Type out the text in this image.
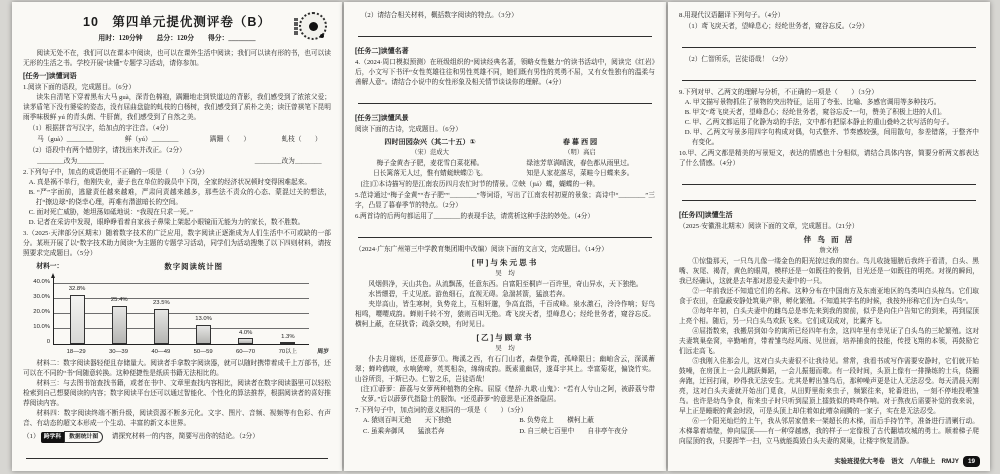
10　第四单元提优测评卷（B）
用时：120分钟 总分：120分 得分：________
阅读无处不在，我们可以在课本中阅读，也可以在课外生活中阅读；我们可以读有形的书，也可以读无形的生活之书。学校开展“读懂”专题学习活动，请你参加。
[任务一]读懂词语
1.阅读下面的语段，完成题目。（6分）
读朱自清笔下穿着黑布大马 guà，深青色棉袍，蹒跚地走到铁道边的背影，我们感受到了浓浓父爱；读茅盾笔下没有婆娑的姿态，没有屈曲盘旋的虬枝的白杨树，我们感受到了质朴之美；读汪曾祺笔下昆明雨季味极鲜 yú 的青头菌、牛肝菌，我们感受到了自然之美。
（1）根据拼音写汉字，给加点的字注音。（4分）
马（guà）________	鲜（yú）________	蹒跚（　　）	虬枝（　　）
（2）语段中有两个错别字，请找出来并改正。（2分）
________改为________	________改为________
2.下列句子中，加点的成语使用不正确的一项是（　　）（3分）
A. 真是祸不单行，他刚失业，妻子也在单位的裁员中下岗，全家的经济状况顿时变得困难起来。
B. “严”字面前，逃避责任越来越难，严肃问责越来越多，那些法不责众的心态、蒙混过关的想法，打“擦边球”的侥幸心理，再难有潜滋暗长的空间。
C. 面对死亡威胁，她坦荡如砥地说：“我现在只求一死。”
D. 记者在采访中发现，眼睁睁看着自家孩子鼻梁上架起小眼镜而无能为力的家长，数不胜数。
3.（2025·天津部分区期末）随着数字技术的广泛应用，数字阅读正逐渐成为人们生活中不可或缺的一部分。某班开展了以“数字技术助力阅读”为主题的专题学习活动，同学们为活动搜集了以下四则材料，请按照要求完成题目。（5分）
材料一：	数字阅读统计图
0
10.0%
20.0%
30.0%
40.0%
32.8%
25.4%	23.5%
13.0%
4.0%
1.3%
18—29	30—39	40—49	50—59	60—70	70以上	周岁
材料二：数字阅读器轻便且存储量大。阅读者手拿数字阅读器，就可以随时携带着成千上万部书，还可以在不同的“书”间随意转换。这种便捷性是纸质书籍无法相比的。
材料三：与去图书馆查找书籍，或者在书中、文章里查找内容相比，阅读者在数字阅读器里可以轻松检索到自己想要阅读的内容；数字阅读平台还可以通过智能化、个性化的算法推荐，根据阅读者的喜好推荐阅读内容。
材料四：数字阅读终端不断升级，阅读资源不断多元化。文字、图片、音频、视频等有色彩、有声音、有动态的超文本形成一个生动、丰富的新文本世界。
（1） 跨学科	数据统计图	　请探究材料一的内容，简要写出你的结论。（2分）
（2）请结合相关材料，概括数字阅读的特点。（3分）
[任务二]读懂名著
4.（2024·周口模拟预测）在班级组织的“阅读经典名著，领略女性魅力”的读书活动中，阅读完《红岩》后，小文写下书评“女性英雄往往和男性英雄不同，她们既有男性的英勇不屈，又有女性独有的温柔与善解人意”。请结合小说中的女性形象及相关情节谈谈你的理解。（4分）
[任务三]读懂风景
阅读下面的古诗，完成题目。（6分）
四时田园杂兴（其二十五）①
（宋）范成大
梅子金黄杏子肥，麦花雪白菜花稀。
日长篱落无人过，惟有蜻蜓蛱蝶②飞。
春 暮 西 园
（明）高启
绿池芳草满晴波，春色都从雨里过。
知是人家花落尽，菜畦今日蝶来多。
[注]①本诗描写的是江南农历四月农忙时节的情景。②蛱（jiá）蝶，蝴蝶的一种。
5.范诗通过“梅子金黄”“杏子肥”“________”等词语，写出了江南农村初夏的景象；高诗中“________”三字，凸显了暮春季节的特点。（2分）
6.两首诗的后两句都运用了________的表现手法，请赏析这种手法的妙处。（4分）
（2024·广东广州第三中学教育集团期中改编）阅读下面的文言文，完成题目。（14分）
[甲]与朱元思书
吴　均
风烟俱净，天山共色。从流飘荡，任意东西。自富阳至桐庐一百许里，奇山异水，天下独绝。
水皆缥碧，千丈见底。游鱼细石，直视无碍。急湍甚箭，猛浪若奔。
夹岸高山，皆生寒树，负势竞上，互相轩邈，争高直指，千百成峰。泉水激石，泠泠作响；好鸟相鸣，嘤嘤成韵。蝉则千转不穷，猿则百叫无绝。鸢飞戾天者，望峰息心；经纶世务者，窥谷忘反。横柯上蔽，在昼犹昏；疏条交映，有时见日。
[乙]与顾章书
吴　均
仆去月谢病，还觅薜萝①。梅溪之西，有石门山者，森壁争霞，孤峰限日；幽岫含云，深溪蓄翠；蝉吟鹤唳，水响猿啼，英英相杂，绵绵成韵。既素重幽居，遂葺宇其上。幸富菊花，偏饶竹实。山谷所资，于斯已办。仁智之乐，岂徒语哉！
[注]①薜萝：薜荔与女萝两种植物的全称。屈原《楚辞·九歌·山鬼》：“若有人兮山之阿，被薜荔兮带女萝。”后以薜萝代指隐士的服饰。“还觅薜萝”的意思是正准备隐居。
7.下列句子中，加点词的意义相同的一项是（　　）（3分）
A. 猿则百叫无绝　　天下独绝	B. 负势竞上　　横柯上蔽
C. 虽乘奔御风　　猛浪若奔	D. 自三峡七百里中　　自非亭午夜分
8.用现代汉语翻译下列句子。（4分）
（1）鸢飞戾天者，望峰息心；经纶世务者，窥谷忘反。（2分）
（2）仁智所乐，岂徒语哉！（2分）
9.下列对甲、乙两文的理解与分析，不正确的一项是（　　）（3分）
A. 甲文描写景物抓住了景物的突出特征，运用了夸张、比喻、多感官调用等多种技巧。
B. 甲文“鸢飞戾天者，望峰息心；经纶世务者，窥谷忘反”一句，赞美了积极上进的人们。
C. 甲、乙两文都运用了化静为动的手法，文中都有把原本静止的重山叠岭之状写活的句子。
D. 甲、乙两文写景多用四字句构成对偶，句式整齐、节奏感较强，间用散句，参差错落，于整齐中有变化。
10.甲、乙两文都是精美的写景短文，表达的情感也十分相似，请结合具体内容，简要分析两文都表达了什么情感。（4分）
[任务四]读懂生活
（2025·安徽淮北期末）阅读下面的文章，完成题目。（21分）
伴 鸟 而 居
詹文格
①惊蛰那天，一只鸟儿像一缕金色的阳光掠过我的窗台。鸟儿收拢翅膀后我终于看清，白头、黑嘴、灰尾、褐背，黄色的眼周，模样还是一如既往的俊俏，目光还是一如既往的明亮。对视的瞬间，我已经确认，这就是去年那对恩爱夫妻中的一只。
②一年前我还不知道它们的名称。这种分布在中国南方及东南亚地区的鸟类叫白头椋鸟。它们取食于农田，在隐蔽安静处筑巢产卵，孵化繁殖。不知道其学名的时候，我按外形称它们为“白头鸟”。
③每年年初，白头夫妻中的雌鸟总是率先来到我的窗前，似乎是向住户告知它的到来，再到屋顶上亮个相。随后，另一只白头鸟欢跃飞来。它们成双成对，比翼齐飞。
④屈指数来，我搬居到如今的寓所已经四年有余，这四年里有幸见证了白头鸟的三轮繁殖。这对夫妻筑巢垒窝，辛勤哺育，带着雏鸟经风雨、见世面，培养捕食的技能，传授飞翔的本领，再鼓励它们远走高飞。
⑤我刚入住那会儿，这对白头夫妻很不让我待见。常常，我看书或写作需要安静时，它们就开始鼓噪，在房顶上一会儿跳跃舞蹈，一会儿振翅而歌。有一段时间，头顶上像有一排操练的士兵，绕圈奔跑，迂回打闹，吵得我无法安生。尤其是孵出雏鸟后，那种噪声更是让人无法忍受。每天清晨天刚亮，这对白头夫妻就开始出门觅食，从田野里衔来虫子，频繁往来，轮番进出，一刻不停地投喂雏鸟。也许是幼鸟争食，衔来虫子时只听到屋顶上擂鼓似的咚咚作响。对于熬夜后需要补觉的我来说，早上正是睡眠的黄金时段，可是头顶上却住着如此嘈杂闹腾的一家子，实在是无法忍受。
⑥一个阳光灿烂的上午，我从邻居家借来一架超长的木梯，而后手持竹竿，准备进行清剿行动。木梯靠着墙壁，伸向屋顶——有一种穿越感，我的样子一定像极了古代翻墙攻城的勇士。顺着梯子爬向屋顶的我，只要挥竿一扫，立马就能捣毁白头夫妻的窝巢，让楼宇恢复清静。
实验班提优大考卷　语文　八年级上　RMJY	19
